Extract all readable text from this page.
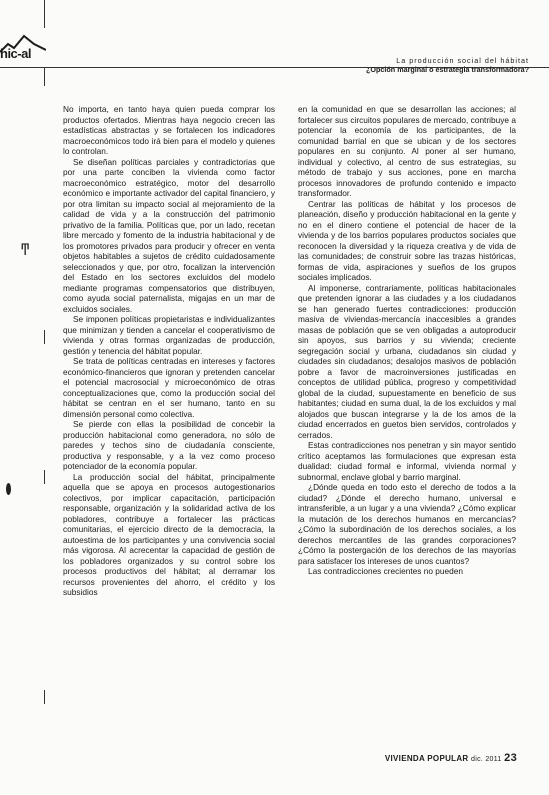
hic-al	La producción social del hábitat
¿Opción marginal o estrategia transformadora?
ͳ

No importa, en tanto haya quien pueda comprar los productos ofertados. Mientras haya negocio crecen las estadísticas abstractas y se fortalecen los indicadores macroeconómicos todo irá bien para el modelo y quienes lo controlan.

Se diseñan políticas parciales y contradictorias que por una parte conciben la vivienda como factor macroeconómico estratégico, motor del desarrollo económico e importante activador del capital financiero, y por otra limitan su impacto social al mejoramiento de la calidad de vida y a la construcción del patrimonio privativo de la familia. Políticas que, por un lado, recetan libre mercado y fomento de la industria habitacional y de los promotores privados para producir y ofrecer en venta objetos habitables a sujetos de crédito cuidadosamente seleccionados y que, por otro, focalizan la intervención del Estado en los sectores excluidos del modelo mediante programas compensatorios que distribuyen, como ayuda social paternalista, migajas en un mar de excluidos sociales.

Se imponen políticas propietaristas e individualizantes que minimizan y tienden a cancelar el cooperativismo de vivienda y otras formas organizadas de producción, gestión y tenencia del hábitat popular.

Se trata de políticas centradas en intereses y factores económico-financieros que ignoran y pretenden cancelar el potencial macrosocial y microeconómico de otras conceptualizaciones que, como la producción social del hábitat se centran en el ser humano, tanto en su dimensión personal como colectiva.

Se pierde con ellas la posibilidad de concebir la producción habitacional como generadora, no sólo de paredes y techos sino de ciudadanía consciente, productiva y responsable, y a la vez como proceso potenciador de la economía popular.

La producción social del hábitat, principalmente aquella que se apoya en procesos autogestionarios colectivos, por implicar capacitación, participación responsable, organización y la solidaridad activa de los pobladores, contribuye a fortalecer las prácticas comunitarias, el ejercicio directo de la democracia, la autoestima de los participantes y una convivencia social más vigorosa. Al acrecentar la capacidad de gestión de los pobladores organizados y su control sobre los procesos productivos del hábitat; al derramar los recursos provenientes del ahorro, el crédito y los subsidios

en la comunidad en que se desarrollan las acciones; al fortalecer sus circuitos populares de mercado, contribuye a potenciar la economía de los participantes, de la comunidad barrial en que se ubican y de los sectores populares en su conjunto. Al poner al ser humano, individual y colectivo, al centro de sus estrategias, su método de trabajo y sus acciones, pone en marcha procesos innovadores de profundo contenido e impacto transformador.

Centrar las políticas de hábitat y los procesos de planeación, diseño y producción habitacional en la gente y no en el dinero contiene el potencial de hacer de la vivienda y de los barrios populares productos sociales que reconocen la diversidad y la riqueza creativa y de vida de las comunidades; de construir sobre las trazas históricas, formas de vida, aspiraciones y sueños de los grupos sociales implicados.

Al imponerse, contrariamente, políticas habitacionales que pretenden ignorar a las ciudades y a los ciudadanos se han generado fuertes contradicciones: producción masiva de viviendas-mercancía inaccesibles a grandes masas de población que se ven obligadas a autoproducir sin apoyos, sus barrios y su vivienda; creciente segregación social y urbana, ciudadanos sin ciudad y ciudades sin ciudadanos; desalojos masivos de población pobre a favor de macroinversiones justificadas en conceptos de utilidad pública, progreso y competitividad global de la ciudad, supuestamente en beneficio de sus habitantes; ciudad en suma dual, la de los excluidos y mal alojados que buscan integrarse y la de los amos de la ciudad encerrados en guetos bien servidos, controlados y cerrados.

Estas contradicciones nos penetran y sin mayor sentido crítico aceptamos las formulaciones que expresan esta dualidad: ciudad formal e informal, vivienda normal y subnormal, enclave global y barrio marginal.

¿Dónde queda en todo esto el derecho de todos a la ciudad? ¿Dónde el derecho humano, universal e intransferible, a un lugar y a una vivienda? ¿Cómo explicar la mutación de los derechos humanos en mercancías? ¿Cómo la subordinación de los derechos sociales, a los derechos mercantiles de las grandes corporaciones? ¿Cómo la postergación de los derechos de las mayorías para satisfacer los intereses de unos cuantos?

Las contradicciones crecientes no pueden

VIVIENDA POPULAR dic. 2011 23
